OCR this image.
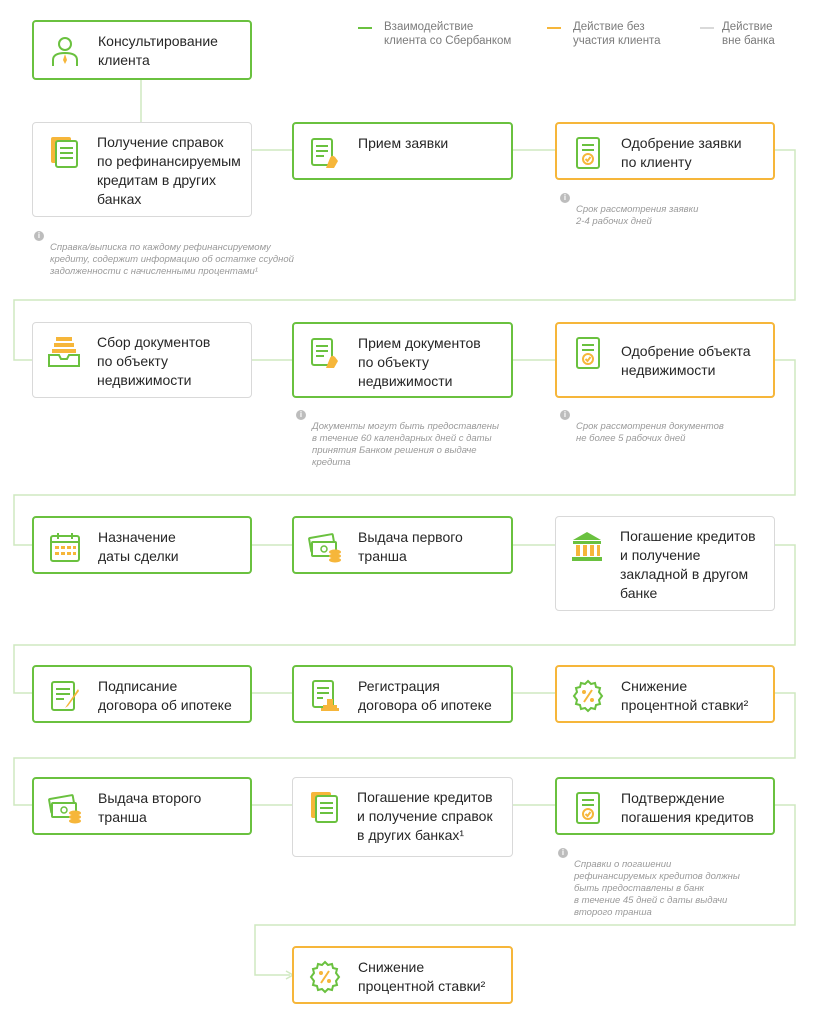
Взаимодействие
клиента со Сбербанком
Действие без
участия клиента
Действие
вне банка
Консультирование
клиента
Получение справок
по рефинансируемым
кредитам в других
банках

i
Справка/выписка по каждому рефинансируемому
кредиту, содержит информацию об остатке ссудной
задолженности с начисленными процентами¹

Прием заявки	Одобрение заявки
по клиенту

i
Срок рассмотрения заявки
2-4 рабочих дней

Сбор документов
по объекту
недвижимости
Прием документов
по объекту
недвижимости

i
Документы могут быть предоставлены
в течение 60 календарных дней с даты
принятия Банком решения о выдаче
кредита

Одобрение объекта
недвижимости

i
Срок рассмотрения документов
не более 5 рабочих дней

Назначение
даты сделки
Выдача первого
транша
Погашение кредитов
и получение
закладной в другом
банке
Подписание
договора об ипотеке
Регистрация
договора об ипотеке
Снижение
процентной ставки²
Выдача второго
транша
Погашение кредитов
и получение справок
в других банках¹
Подтверждение
погашения кредитов

i
Справки о погашении
рефинансируемых кредитов должны
быть предоставлены в банк
в течение 45 дней с даты выдачи
второго транша

Снижение
процентной ставки²
